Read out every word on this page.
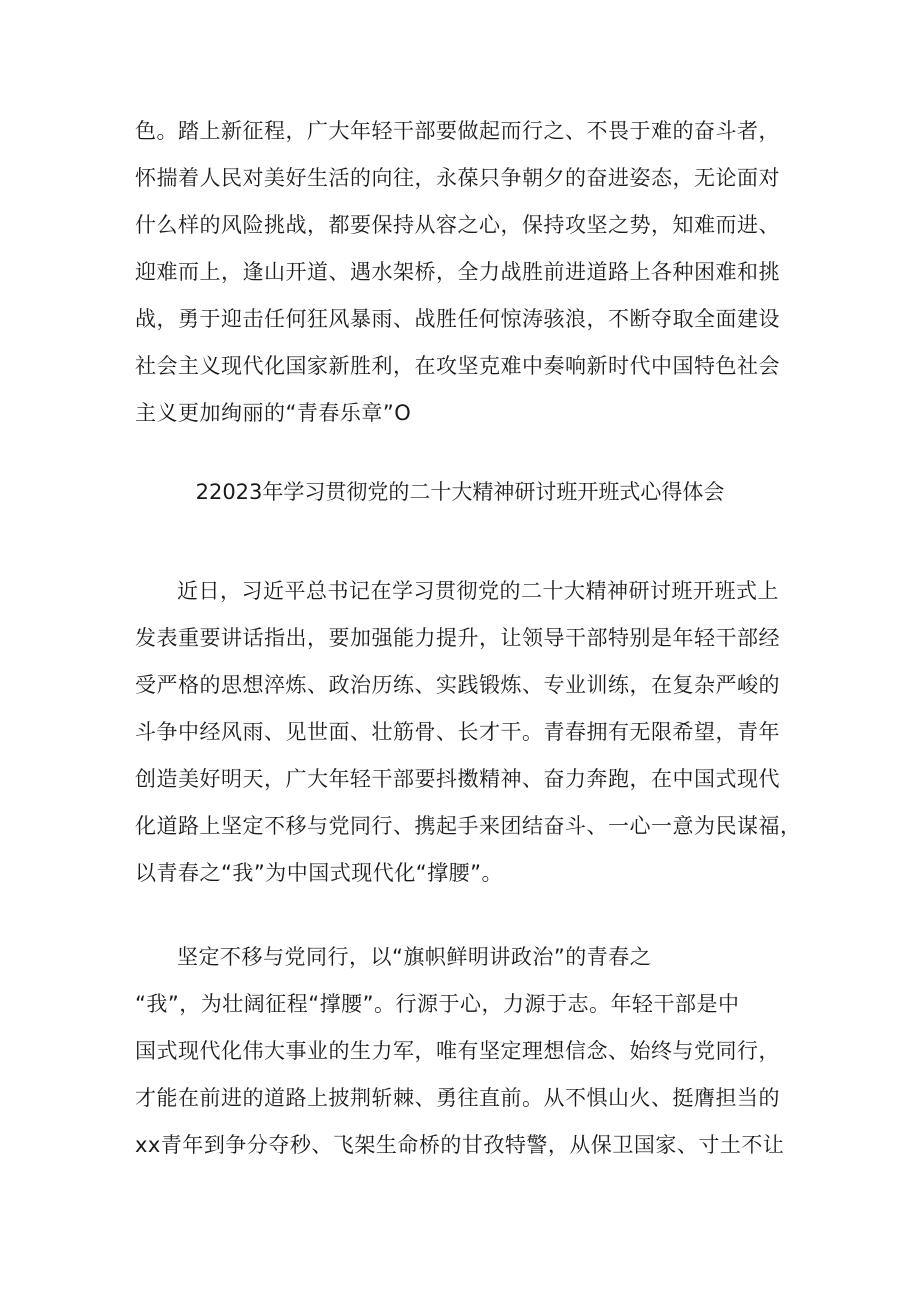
色。踏上新征程，广大年轻干部要做起而行之、不畏于难的奋斗者，
怀揣着人民对美好生活的向往，永葆只争朝夕的奋进姿态，无论面对
什么样的风险挑战，都要保持从容之心，保持攻坚之势，知难而进、
迎难而上，逢山开道、遇水架桥，全力战胜前进道路上各种困难和挑
战，勇于迎击任何狂风暴雨、战胜任何惊涛骇浪，不断夺取全面建设
社会主义现代化国家新胜利，在攻坚克难中奏响新时代中国特色社会
主义更加绚丽的“青春乐章”O
22023年学习贯彻党的二十大精神研讨班开班式心得体会
近日，习近平总书记在学习贯彻党的二十大精神研讨班开班式上
发表重要讲话指出，要加强能力提升，让领导干部特别是年轻干部经
受严格的思想淬炼、政治历练、实践锻炼、专业训练，在复杂严峻的
斗争中经风雨、见世面、壮筋骨、长才干。青春拥有无限希望，青年
创造美好明天，广大年轻干部要抖擞精神、奋力奔跑，在中国式现代
化道路上坚定不移与党同行、携起手来团结奋斗、一心一意为民谋福，
以青春之“我”为中国式现代化“撑腰”。
坚定不移与党同行，以“旗帜鲜明讲政治”的青春之
“我”，为壮阔征程“撑腰”。行源于心，力源于志。年轻干部是中
国式现代化伟大事业的生力军，唯有坚定理想信念、始终与党同行，
才能在前进的道路上披荆斩棘、勇往直前。从不惧山火、挺膺担当的
xx青年到争分夺秒、飞架生命桥的甘孜特警，从保卫国家、寸土不让
